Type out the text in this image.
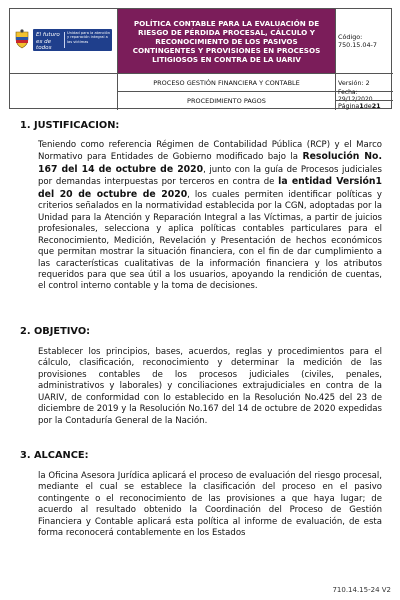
El futuro es de todos
Unidad para la atención y reparación integral a las víctimas
POLÍTICA CONTABLE PARA LA EVALUACIÓN DE RIESGO DE PÉRDIDA PROCESAL, CÁLCULO Y RECONOCIMIENTO DE LOS PASIVOS CONTINGENTES Y PROVISIONES EN PROCESOS LITIGIOSOS EN CONTRA DE LA UARIV
Código: 750.15.04-7
PROCESO GESTIÓN FINANCIERA Y CONTABLE	Versión: 2
PROCEDIMIENTO PAGOS
Fecha: 29/12/2020
Página 1 de 21
1. JUSTIFICACION:
Teniendo como referencia Régimen de Contabilidad Pública (RCP) y el Marco Normativo para Entidades de Gobierno modificado bajo la Resolución No. 167 del 14 de octubre de 2020, junto con la guía de Procesos judiciales por demandas interpuestas por terceros en contra de la entidad Versión1 del 20 de octubre de 2020, los cuales permiten identificar políticas y criterios señalados en la normatividad establecida por la CGN, adoptadas por la Unidad para la Atención y Reparación Integral a las Víctimas, a partir de juicios profesionales, selecciona y aplica políticas contables particulares para el Reconocimiento, Medición, Revelación y Presentación de hechos económicos que permitan mostrar la situación financiera, con el fin de dar cumplimiento a las características cualitativas de la información financiera y los atributos requeridos para que sea útil a los usuarios, apoyando la rendición de cuentas, el control interno contable y la toma de decisiones.
2. OBJETIVO:
Establecer los principios, bases, acuerdos, reglas y procedimientos para el cálculo, clasificación, reconocimiento y determinar la medición de las provisiones contables de los procesos judiciales (civiles, penales, administrativos y laborales) y conciliaciones extrajudiciales en contra de la UARIV, de conformidad con lo establecido en la Resolución No.425 del 23 de diciembre de 2019 y la Resolución No.167 del 14 de octubre de 2020 expedidas por la Contaduría General de la Nación.
3. ALCANCE:
la Oficina Asesora Jurídica aplicará el proceso de evaluación del riesgo procesal, mediante el cual se establece la clasificación del proceso en el pasivo contingente o el reconocimiento de las provisiones a que haya lugar; de acuerdo al resultado obtenido la Coordinación del Proceso de Gestión Financiera y Contable aplicará esta política al informe de evaluación, de esta forma reconocerá contablemente en los Estados
710.14.15-24 V2
